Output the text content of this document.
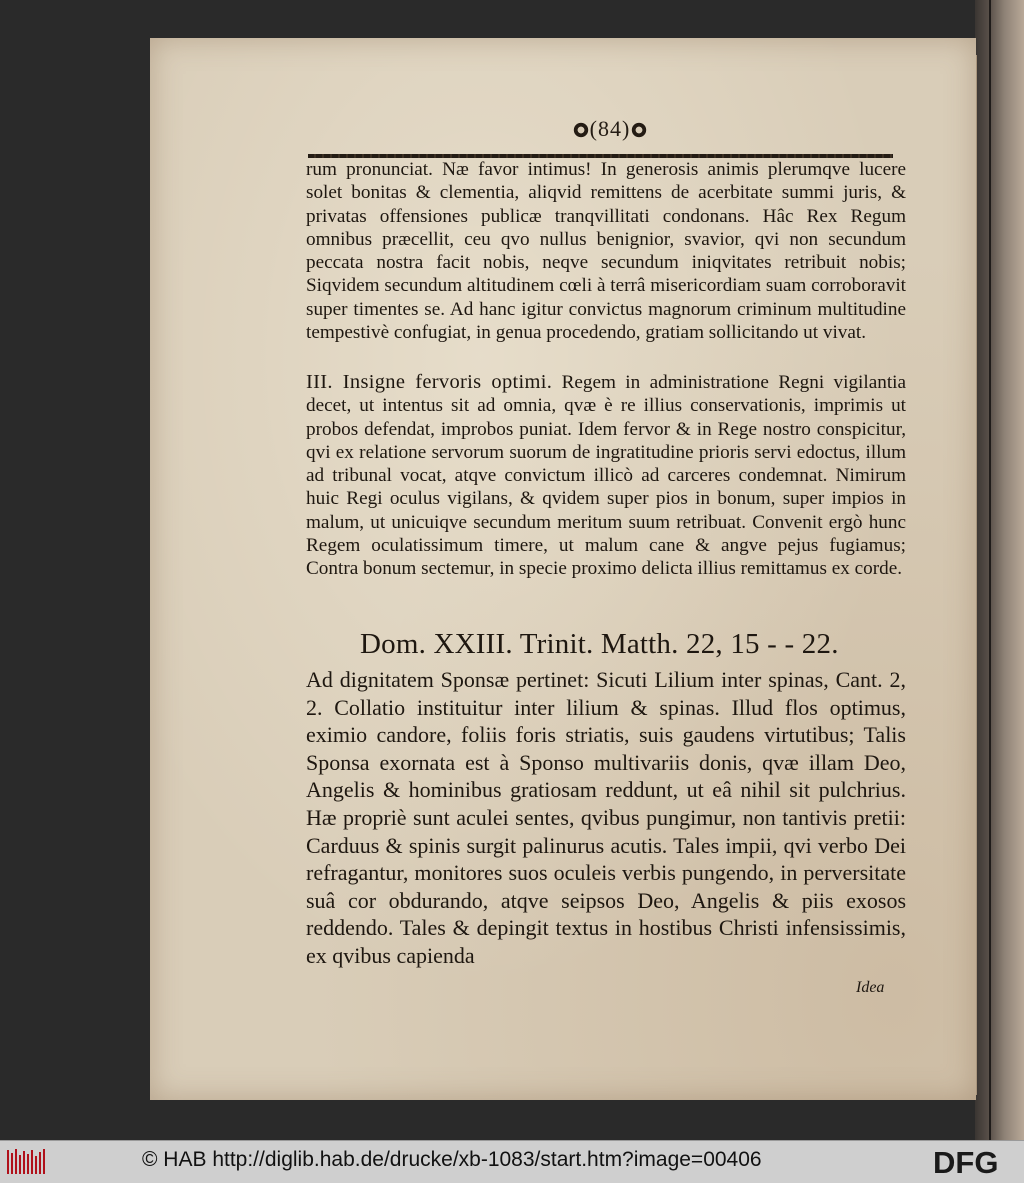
(84)

rum pronunciat. Næ favor intimus! In generosis animis plerumqve lucere solet bonitas & clementia, aliqvid remittens de acerbitate summi juris, & privatas offensiones publicæ tranqvillitati condonans. Hâc Rex Regum omnibus præcellit, ceu qvo nullus benignior, svavior, qvi non secundum peccata nostra facit nobis, neqve secundum iniqvitates retribuit nobis; Siqvidem secundum altitudinem cœli à terrâ misericordiam suam corroboravit super timentes se. Ad hanc igitur convictus magnorum criminum multitudine tempestivè confugiat, in genua procedendo, gratiam sollicitando ut vivat.

III. Insigne fervoris optimi. Regem in administratione Regni vigilantia decet, ut intentus sit ad omnia, qvæ è re illius conservationis, imprimis ut probos defendat, improbos puniat. Idem fervor & in Rege nostro conspicitur, qvi ex relatione servorum suorum de ingratitudine prioris servi edoctus, illum ad tribunal vocat, atqve convictum illicò ad carceres condemnat. Nimirum huic Regi oculus vigilans, & qvidem super pios in bonum, super impios in malum, ut unicuiqve secundum meritum suum retribuat. Convenit ergò hunc Regem oculatissimum timere, ut malum cane & angve pejus fugiamus; Contra bonum sectemur, in specie proximo delicta illius remittamus ex corde.

Dom. XXIII. Trinit. Matth. 22, 15 - - 22.

Ad dignitatem Sponsæ pertinet: Sicuti Lilium inter spinas, Cant. 2, 2. Collatio instituitur inter lilium & spinas. Illud flos optimus, eximio candore, foliis foris striatis, suis gaudens virtutibus; Talis Sponsa exornata est à Sponso multivariis donis, qvæ illam Deo, Angelis & hominibus gratiosam reddunt, ut eâ nihil sit pulchrius. Hæ propriè sunt aculei sentes, qvibus pungimur, non tantivis pretii: Carduus & spinis surgit palinurus acutis. Tales impii, qvi verbo Dei refragantur, monitores suos oculeis verbis pungendo, in perversitate suâ cor obdurando, atqve seipsos Deo, Angelis & piis exosos reddendo. Tales & depingit textus in hostibus Christi infensissimis, ex qvibus capienda

Idea
© HAB http://diglib.hab.de/drucke/xb-1083/start.htm?image=00406	DFG
